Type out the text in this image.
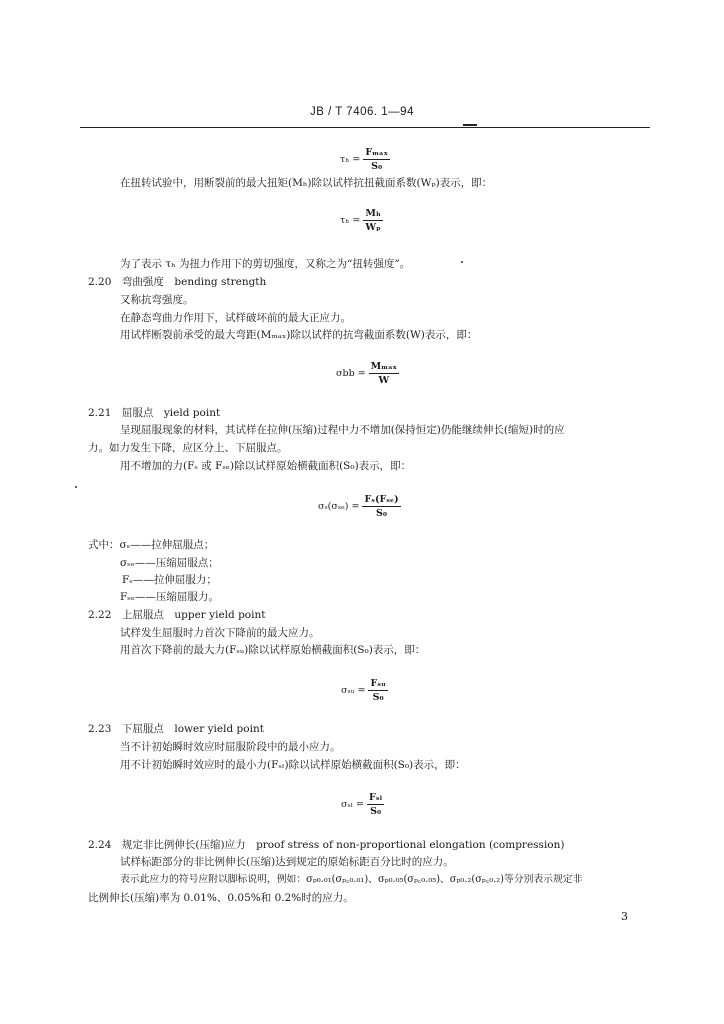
JB / T 7406. 1—94
$\tau_h = \frac{\text{Fₘₐₓ}}{\text{S₀}}$
在扭转试验中，用断裂前的最大扭矩(Mₕ)除以试样抗扭截面系数(Wₚ)表示，即：
$\tau_h = \frac{\text{Mₕ}}{\text{Wₚ}}$
为了表示 τₕ 为扭力作用下的剪切强度，又称之为“扭转强度”。
2.20　弯曲强度　bending strength
又称抗弯强度。
在静态弯曲力作用下，试样破坏前的最大正应力。
用试样断裂前承受的最大弯距(Mₘₐₓ)除以试样的抗弯截面系数(W)表示，即：
$\sigma bb = \frac{\text{Mₘₐₓ}}{W}$
2.21　屈服点　yield point
呈现屈服现象的材料，其试样在拉伸(压缩)过程中力不增加(保持恒定)仍能继续伸长(缩短)时的应
力。如力发生下降，应区分上、下屈服点。
用不增加的力(Fₛ 或 Fₛₑ)除以试样原始横截面积(S₀)表示，即：
$\sigma_s(\sigma_{se}) = \frac{\text{Fₛ(Fₛₑ)}}{\text{S₀}}$
式中：σₛ——拉伸屈服点；
σₛₑ——压缩屈服点；
Fₛ——拉伸屈服力；
Fₛₑ——压缩屈服力。
2.22　上屈服点　upper yield point
试样发生屈服时力首次下降前的最大应力。
用首次下降前的最大力(Fₛᵤ)除以试样原始横截面积(S₀)表示，即：
σₛᵤ = $\frac{\text{Fₛᵤ}}{\text{S₀}}$
2.23　下屈服点　lower yield point
当不计初始瞬时效应时屈服阶段中的最小应力。
用不计初始瞬时效应时的最小力(Fₛₗ)除以试样原始横截面积(S₀)表示，即：
$\sigma_{sl} = \frac{\text{Fₛₗ}}{\text{S₀}}$
2.24　规定非比例伸长(压缩)应力　proof stress of non-proportional elongation (compression)
试样标距部分的非比例伸长(压缩)达到规定的原始标距百分比时的应力。
表示此应力的符号应附以脚标说明，例如：σₚ₀.₀₁(σₚ꜀₀.₀₁)、σₚ₀.₀₅(σₚ꜀₀.₀₅)、σₚ₀.₂(σₚ꜀₀.₂)等分别表示规定非
比例伸长(压缩)率为 0.01%、0.05%和 0.2%时的应力。
3
